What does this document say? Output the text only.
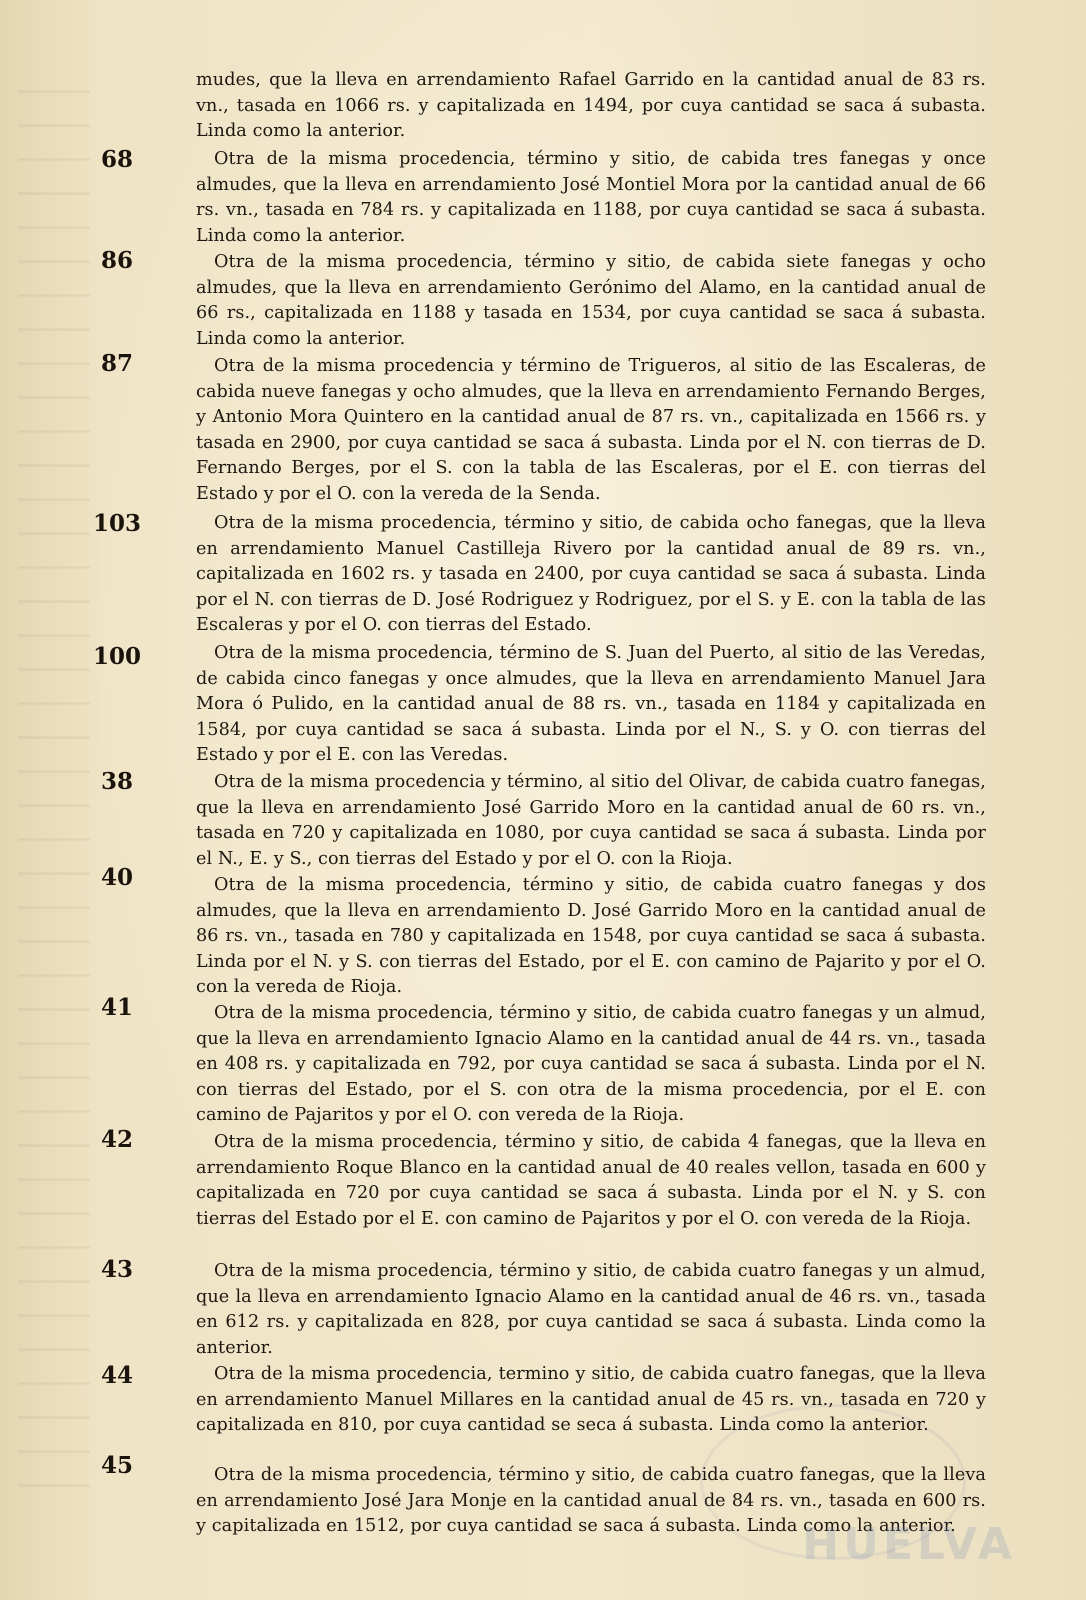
68
86
87
103
100
38
40
41
42
43
44
45

mudes, que la lleva en arrendamiento Rafael Garrido en la cantidad anual de 83 rs. vn., tasada en 1066 rs. y capitalizada en 1494, por cuya cantidad se saca á subasta. Linda como la anterior.

Otra de la misma procedencia, término y sitio, de cabida tres fanegas y once almudes, que la lleva en arrendamiento José Montiel Mora por la cantidad anual de 66 rs. vn., tasada en 784 rs. y capitalizada en 1188, por cuya cantidad se saca á subasta. Linda como la anterior.

Otra de la misma procedencia, término y sitio, de cabida siete fanegas y ocho almudes, que la lleva en arrendamiento Gerónimo del Alamo, en la cantidad anual de 66 rs., capitalizada en 1188 y tasada en 1534, por cuya cantidad se saca á subasta. Linda como la anterior.

Otra de la misma procedencia y término de Trigueros, al sitio de las Escaleras, de cabida nueve fanegas y ocho almudes, que la lleva en arrendamiento Fernando Berges, y Antonio Mora Quintero en la cantidad anual de 87 rs. vn., capitalizada en 1566 rs. y tasada en 2900, por cuya cantidad se saca á subasta. Linda por el N. con tierras de D. Fernando Berges, por el S. con la tabla de las Escaleras, por el E. con tierras del Estado y por el O. con la vereda de la Senda.

Otra de la misma procedencia, término y sitio, de cabida ocho fanegas, que la lleva en arrendamiento Manuel Castilleja Rivero por la cantidad anual de 89 rs. vn., capitalizada en 1602 rs. y tasada en 2400, por cuya cantidad se saca á subasta. Linda por el N. con tierras de D. José Rodriguez y Rodriguez, por el S. y E. con la tabla de las Escaleras y por el O. con tierras del Estado.

Otra de la misma procedencia, término de S. Juan del Puerto, al sitio de las Veredas, de cabida cinco fanegas y once almudes, que la lleva en arrendamiento Manuel Jara Mora ó Pulido, en la cantidad anual de 88 rs. vn., tasada en 1184 y capitalizada en 1584, por cuya cantidad se saca á subasta. Linda por el N., S. y O. con tierras del Estado y por el E. con las Veredas.

Otra de la misma procedencia y término, al sitio del Olivar, de cabida cuatro fanegas, que la lleva en arrendamiento José Garrido Moro en la cantidad anual de 60 rs. vn., tasada en 720 y capitalizada en 1080, por cuya cantidad se saca á subasta. Linda por el N., E. y S., con tierras del Estado y por el O. con la Rioja.

Otra de la misma procedencia, término y sitio, de cabida cuatro fanegas y dos almudes, que la lleva en arrendamiento D. José Garrido Moro en la cantidad anual de 86 rs. vn., tasada en 780 y capitalizada en 1548, por cuya cantidad se saca á subasta. Linda por el N. y S. con tierras del Estado, por el E. con camino de Pajarito y por el O. con la vereda de Rioja.

Otra de la misma procedencia, término y sitio, de cabida cuatro fanegas y un almud, que la lleva en arrendamiento Ignacio Alamo en la cantidad anual de 44 rs. vn., tasada en 408 rs. y capitalizada en 792, por cuya cantidad se saca á subasta. Linda por el N. con tierras del Estado, por el S. con otra de la misma procedencia, por el E. con camino de Pajaritos y por el O. con vereda de la Rioja.

Otra de la misma procedencia, término y sitio, de cabida 4 fanegas, que la lleva en arrendamiento Roque Blanco en la cantidad anual de 40 reales vellon, tasada en 600 y capitalizada en 720 por cuya cantidad se saca á subasta. Linda por el N. y S. con tierras del Estado por el E. con camino de Pajaritos y por el O. con vereda de la Rioja.

Otra de la misma procedencia, término y sitio, de cabida cuatro fanegas y un almud, que la lleva en arrendamiento Ignacio Alamo en la cantidad anual de 46 rs. vn., tasada en 612 rs. y capitalizada en 828, por cuya cantidad se saca á subasta. Linda como la anterior.

Otra de la misma procedencia, termino y sitio, de cabida cuatro fanegas, que la lleva en arrendamiento Manuel Millares en la cantidad anual de 45 rs. vn., tasada en 720 y capitalizada en 810, por cuya cantidad se seca á subasta. Linda como la anterior.

Otra de la misma procedencia, término y sitio, de cabida cuatro fanegas, que la lleva en arrendamiento José Jara Monje en la cantidad anual de 84 rs. vn., tasada en 600 rs. y capitalizada en 1512, por cuya cantidad se saca á subasta. Linda como la anterior.

HUELVA
